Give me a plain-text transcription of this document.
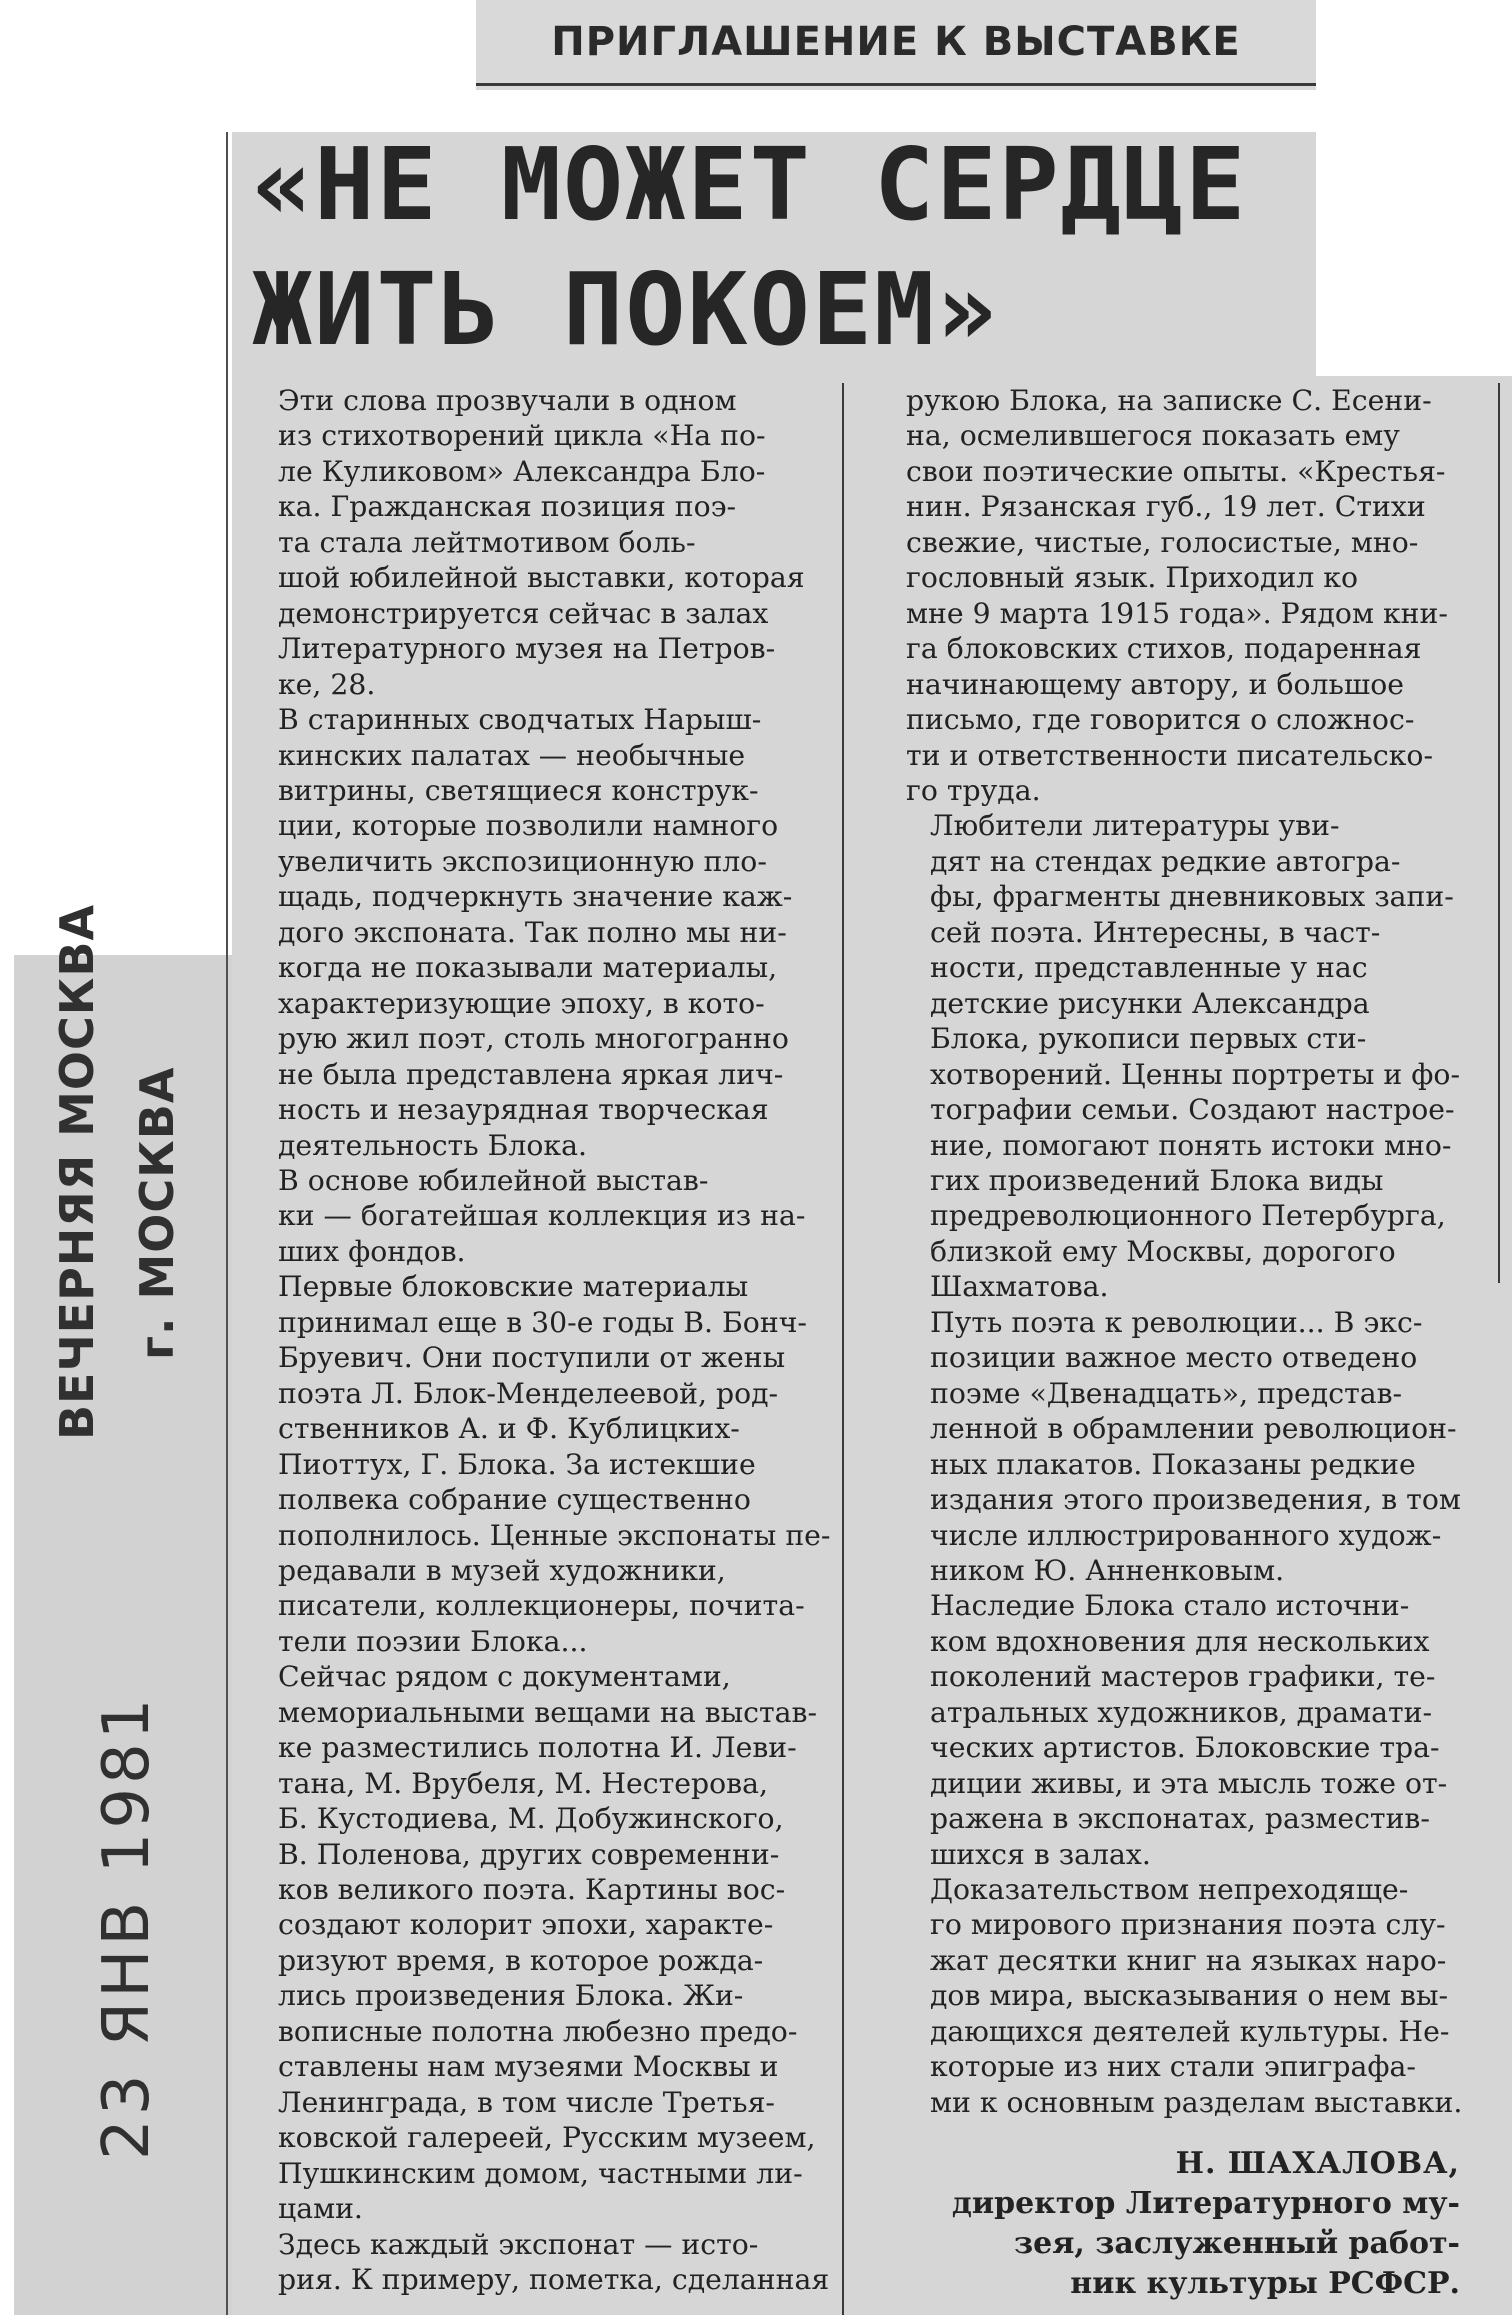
ПРИГЛАШЕНИЕ К ВЫСТАВКЕ
«НЕ МОЖЕТ СЕРДЦЕ
ЖИТЬ ПОКОЕМ»

Эти слова прозвучали в одном
из стихотворений цикла «На по-
ле Куликовом» Александра Бло-
ка. Гражданская позиция поэ-
та стала лейтмотивом боль-
шой юбилейной выставки, которая
демонстрируется сейчас в залах
Литературного музея на Петров-
ке, 28.

В старинных сводчатых Нарыш-
кинских палатах — необычные
витрины, светящиеся конструк-
ции, которые позволили намного
увеличить экспозиционную пло-
щадь, подчеркнуть значение каж-
дого экспоната. Так полно мы ни-
когда не показывали материалы,
характеризующие эпоху, в кото-
рую жил поэт, столь многогранно
не была представлена яркая лич-
ность и незаурядная творческая
деятельность Блока.

В основе юбилейной выстав-
ки — богатейшая коллекция из на-
ших фондов.

Первые блоковские материалы
принимал еще в 30-е годы В. Бонч-
Бруевич. Они поступили от жены
поэта Л. Блок-Менделеевой, род-
ственников А. и Ф. Кублицких-
Пиоттух, Г. Блока. За истекшие
полвека собрание существенно
пополнилось. Ценные экспонаты пе-
редавали в музей художники,
писатели, коллекционеры, почита-
тели поэзии Блока...

Сейчас рядом с документами,
мемориальными вещами на выстав-
ке разместились полотна И. Леви-
тана, М. Врубеля, М. Нестерова,
Б. Кустодиева, М. Добужинского,
В. Поленова, других современни-
ков великого поэта. Картины вос-
создают колорит эпохи, характе-
ризуют время, в которое рожда-
лись произведения Блока. Жи-
вописные полотна любезно предо-
ставлены нам музеями Москвы и
Ленинграда, в том числе Третья-
ковской галереей, Русским музеем,
Пушкинским домом, частными ли-
цами.

Здесь каждый экспонат — исто-
рия. К примеру, пометка, сделанная

рукою Блока, на записке С. Есени-
на, осмелившегося показать ему
свои поэтические опыты. «Крестья-
нин. Рязанская губ., 19 лет. Стихи
свежие, чистые, голосистые, мно-
гословный язык. Приходил ко
мне 9 марта 1915 года». Рядом кни-
га блоковских стихов, подаренная
начинающему автору, и большое
письмо, где говорится о сложнос-
ти и ответственности писательско-
го труда.

Любители литературы уви-
дят на стендах редкие автогра-
фы, фрагменты дневниковых запи-
сей поэта. Интересны, в част-
ности, представленные у нас
детские рисунки Александра
Блока, рукописи первых сти-
хотворений. Ценны портреты и фо-
тографии семьи. Создают настрое-
ние, помогают понять истоки мно-
гих произведений Блока виды
предреволюционного Петербурга,
близкой ему Москвы, дорогого
Шахматова.

Путь поэта к революции... В экс-
позиции важное место отведено
поэме «Двенадцать», представ-
ленной в обрамлении революцион-
ных плакатов. Показаны редкие
издания этого произведения, в том
числе иллюстрированного худож-
ником Ю. Анненковым.

Наследие Блока стало источни-
ком вдохновения для нескольких
поколений мастеров графики, те-
атральных художников, драмати-
ческих артистов. Блоковские тра-
диции живы, и эта мысль тоже от-
ражена в экспонатах, разместив-
шихся в залах.

Доказательством непреходяще-
го мирового признания поэта слу-
жат десятки книг на языках наро-
дов мира, высказывания о нем вы-
дающихся деятелей культуры. Не-
которые из них стали эпиграфа-
ми к основным разделам выставки.

Н. ШАХАЛОВА,
директор Литературного му-
зея, заслуженный работ-
ник культуры РСФСР.
ВЕЧЕРНЯЯ МОСКВА г. МОСКВА
23 ЯНВ 1981
